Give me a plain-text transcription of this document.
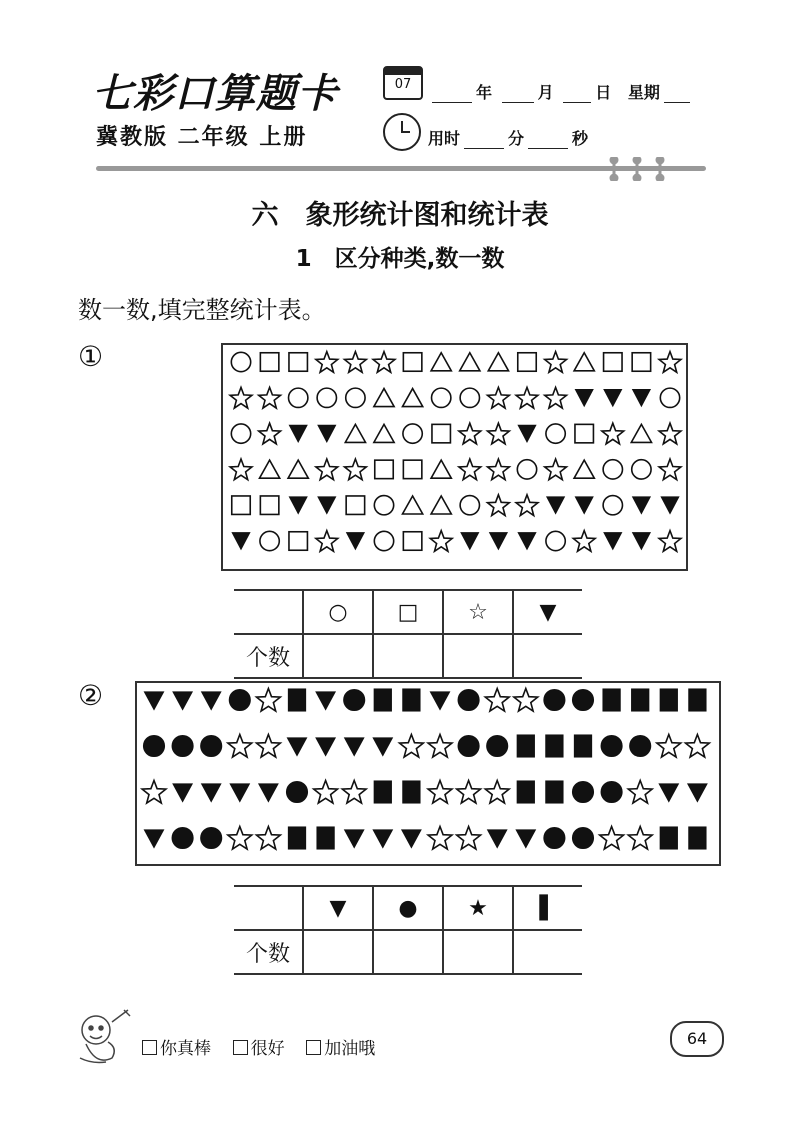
七彩口算题卡
冀教版 二年级 上册
07	年	月	日 星期
用时	分	秒
六　象形统计图和统计表
1　区分种类,数一数
数一数,填完整统计表。
①
	○	□	☆	▼
个数				
②
	▼	●	★	▌
个数				
你真棒 很好 加油哦
64
